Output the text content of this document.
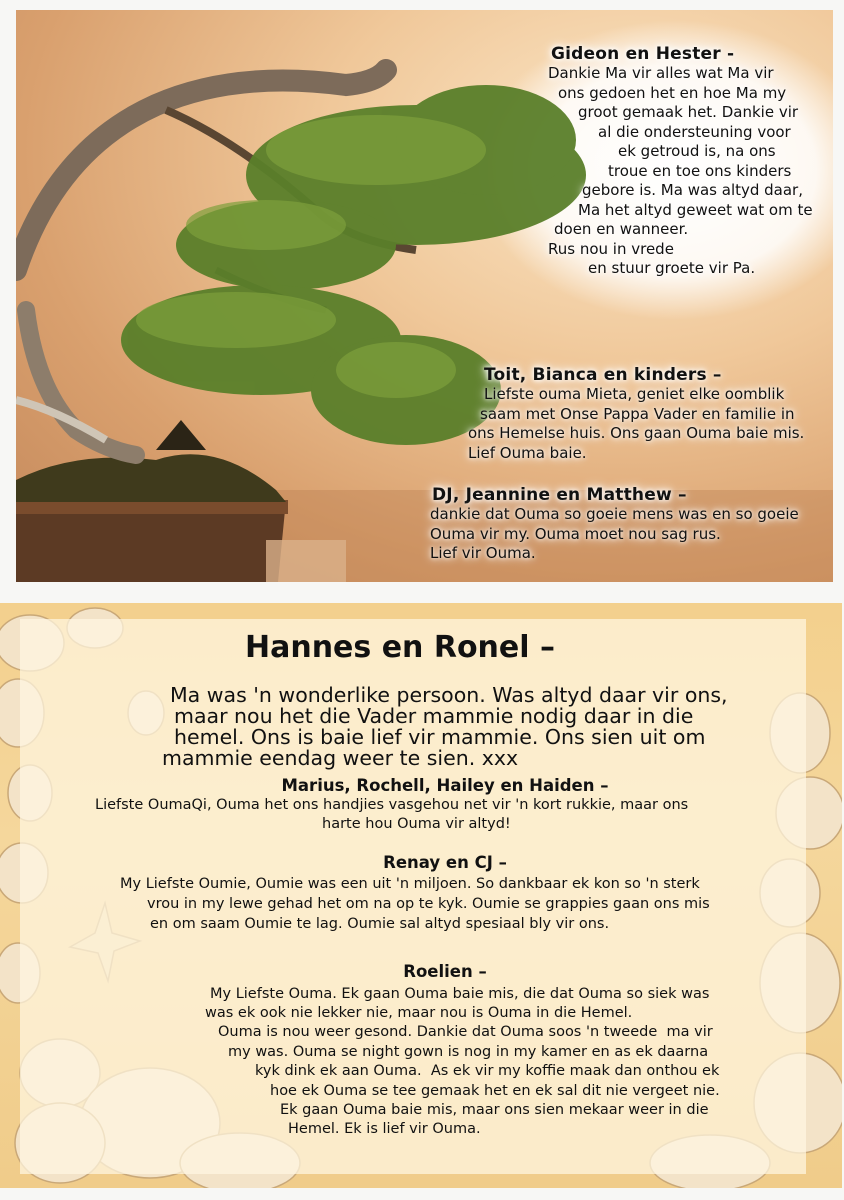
Gideon en Hester -
Dankie Ma vir alles wat Ma vir
ons gedoen het en hoe Ma my
groot gemaak het. Dankie vir
al die ondersteuning voor
ek getroud is, na ons
troue en toe ons kinders
gebore is. Ma was altyd daar,
Ma het altyd geweet wat om te
doen en wanneer.
Rus nou in vrede
en stuur groete vir Pa.
Toit, Bianca en kinders –
Liefste ouma Mieta, geniet elke oomblik
saam met Onse Pappa Vader en familie in
ons Hemelse huis. Ons gaan Ouma baie mis.
Lief Ouma baie.
DJ, Jeannine en Matthew –
dankie dat Ouma so goeie mens was en so goeie
Ouma vir my. Ouma moet nou sag rus.
Lief vir Ouma.
Hannes en Ronel –
Ma was 'n wonderlike persoon. Was altyd daar vir ons,
maar nou het die Vader mammie nodig daar in die
hemel. Ons is baie lief vir mammie. Ons sien uit om
mammie eendag weer te sien. xxx
Marius, Rochell, Hailey en Haiden –
Liefste OumaQi, Ouma het ons handjies vasgehou net vir 'n kort rukkie, maar ons
harte hou Ouma vir altyd!
Renay en CJ –
My Liefste Oumie, Oumie was een uit 'n miljoen. So dankbaar ek kon so 'n sterk
vrou in my lewe gehad het om na op te kyk. Oumie se grappies gaan ons mis
en om saam Oumie te lag. Oumie sal altyd spesiaal bly vir ons.
Roelien –
My Liefste Ouma. Ek gaan Ouma baie mis, die dat Ouma so siek was
was ek ook nie lekker nie, maar nou is Ouma in die Hemel.
Ouma is nou weer gesond. Dankie dat Ouma soos 'n tweede  ma vir
my was. Ouma se night gown is nog in my kamer en as ek daarna
kyk dink ek aan Ouma.  As ek vir my koffie maak dan onthou ek
hoe ek Ouma se tee gemaak het en ek sal dit nie vergeet nie.
Ek gaan Ouma baie mis, maar ons sien mekaar weer in die
Hemel. Ek is lief vir Ouma.
